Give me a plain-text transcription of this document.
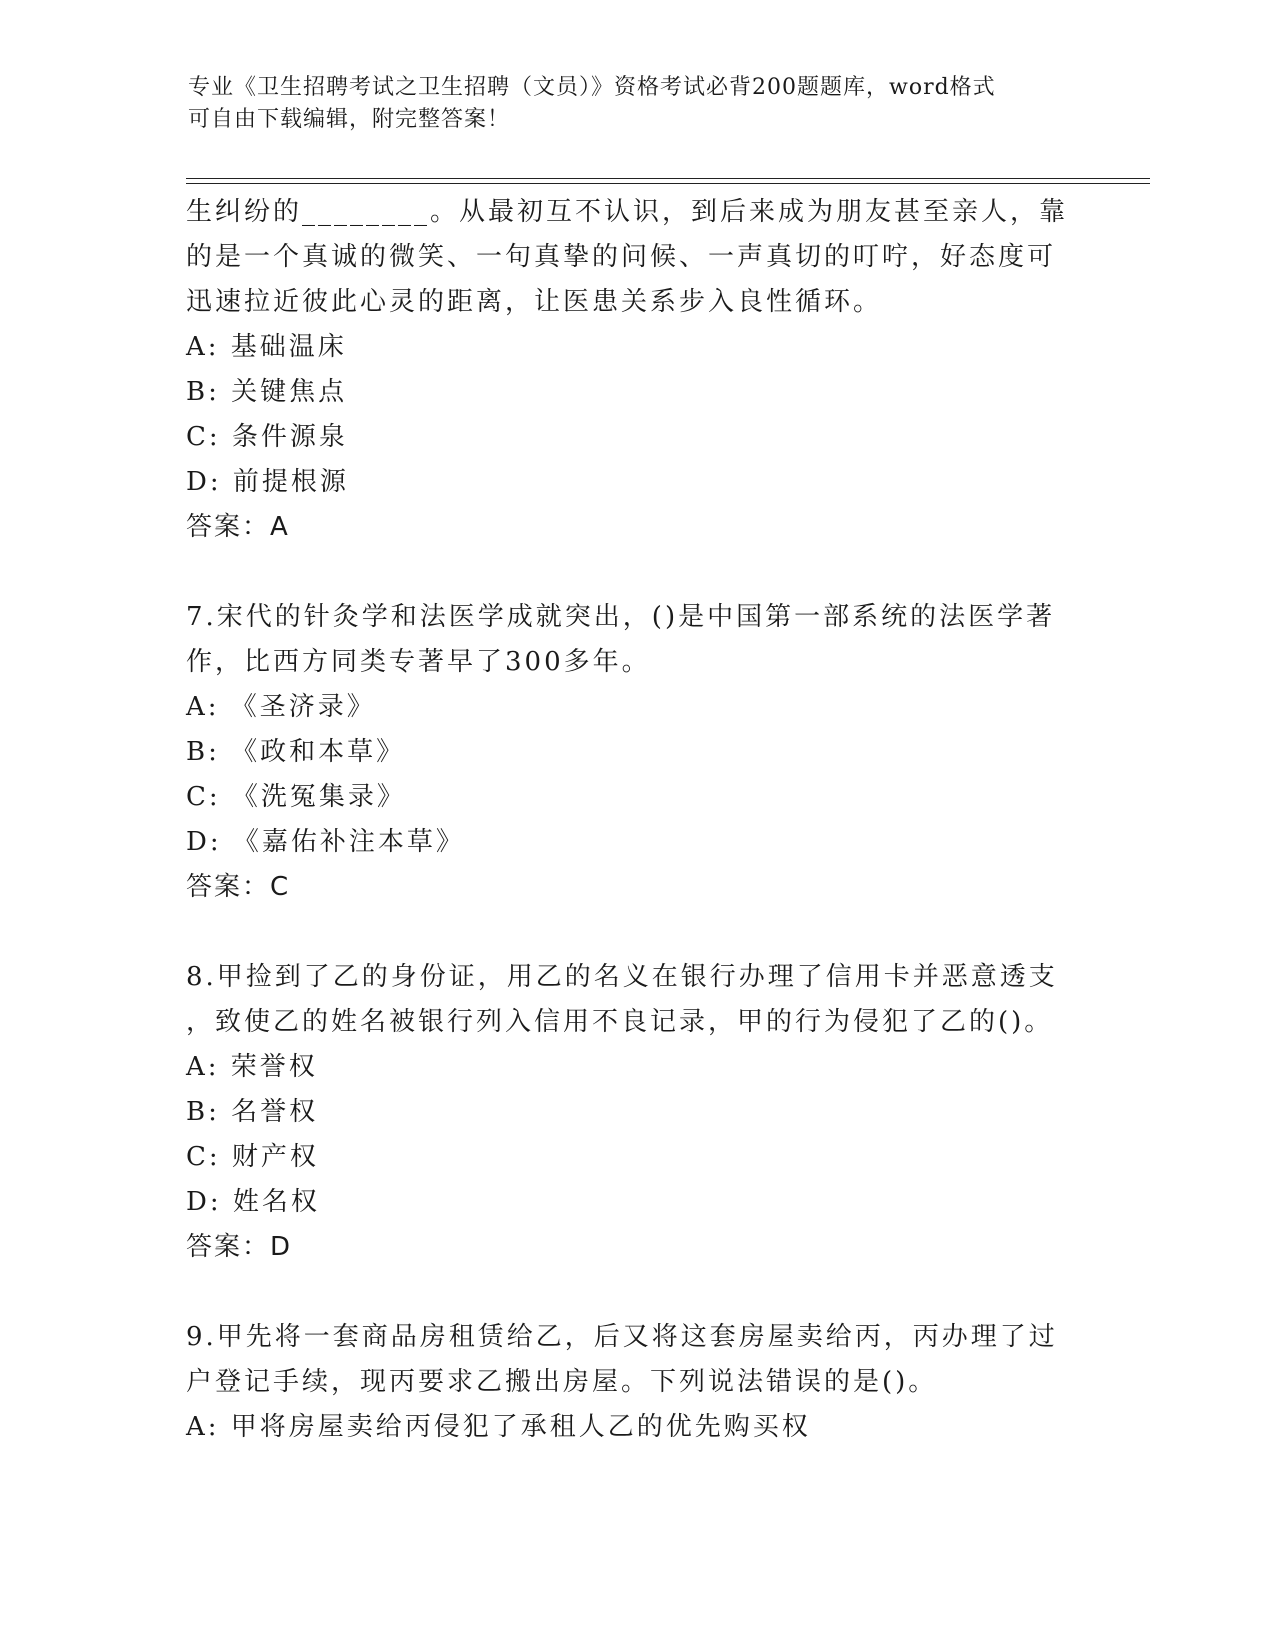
专业《卫生招聘考试之卫生招聘（文员）》资格考试必背200题题库，word格式
可自由下载编辑，附完整答案！
生纠纷的________。从最初互不认识，到后来成为朋友甚至亲人，靠
的是一个真诚的微笑、一句真挚的问候、一声真切的叮咛，好态度可
迅速拉近彼此心灵的距离，让医患关系步入良性循环。
A: 基础温床
B: 关键焦点
C: 条件源泉
D: 前提根源
答案：A
7.宋代的针灸学和法医学成就突出，()是中国第一部系统的法医学著
作，比西方同类专著早了300多年。
A: 《圣济录》
B: 《政和本草》
C: 《洗冤集录》
D: 《嘉佑补注本草》
答案：C
8.甲捡到了乙的身份证，用乙的名义在银行办理了信用卡并恶意透支
，致使乙的姓名被银行列入信用不良记录，甲的行为侵犯了乙的()。
A: 荣誉权
B: 名誉权
C: 财产权
D: 姓名权
答案：D
9.甲先将一套商品房租赁给乙，后又将这套房屋卖给丙，丙办理了过
户登记手续，现丙要求乙搬出房屋。下列说法错误的是()。
A: 甲将房屋卖给丙侵犯了承租人乙的优先购买权
